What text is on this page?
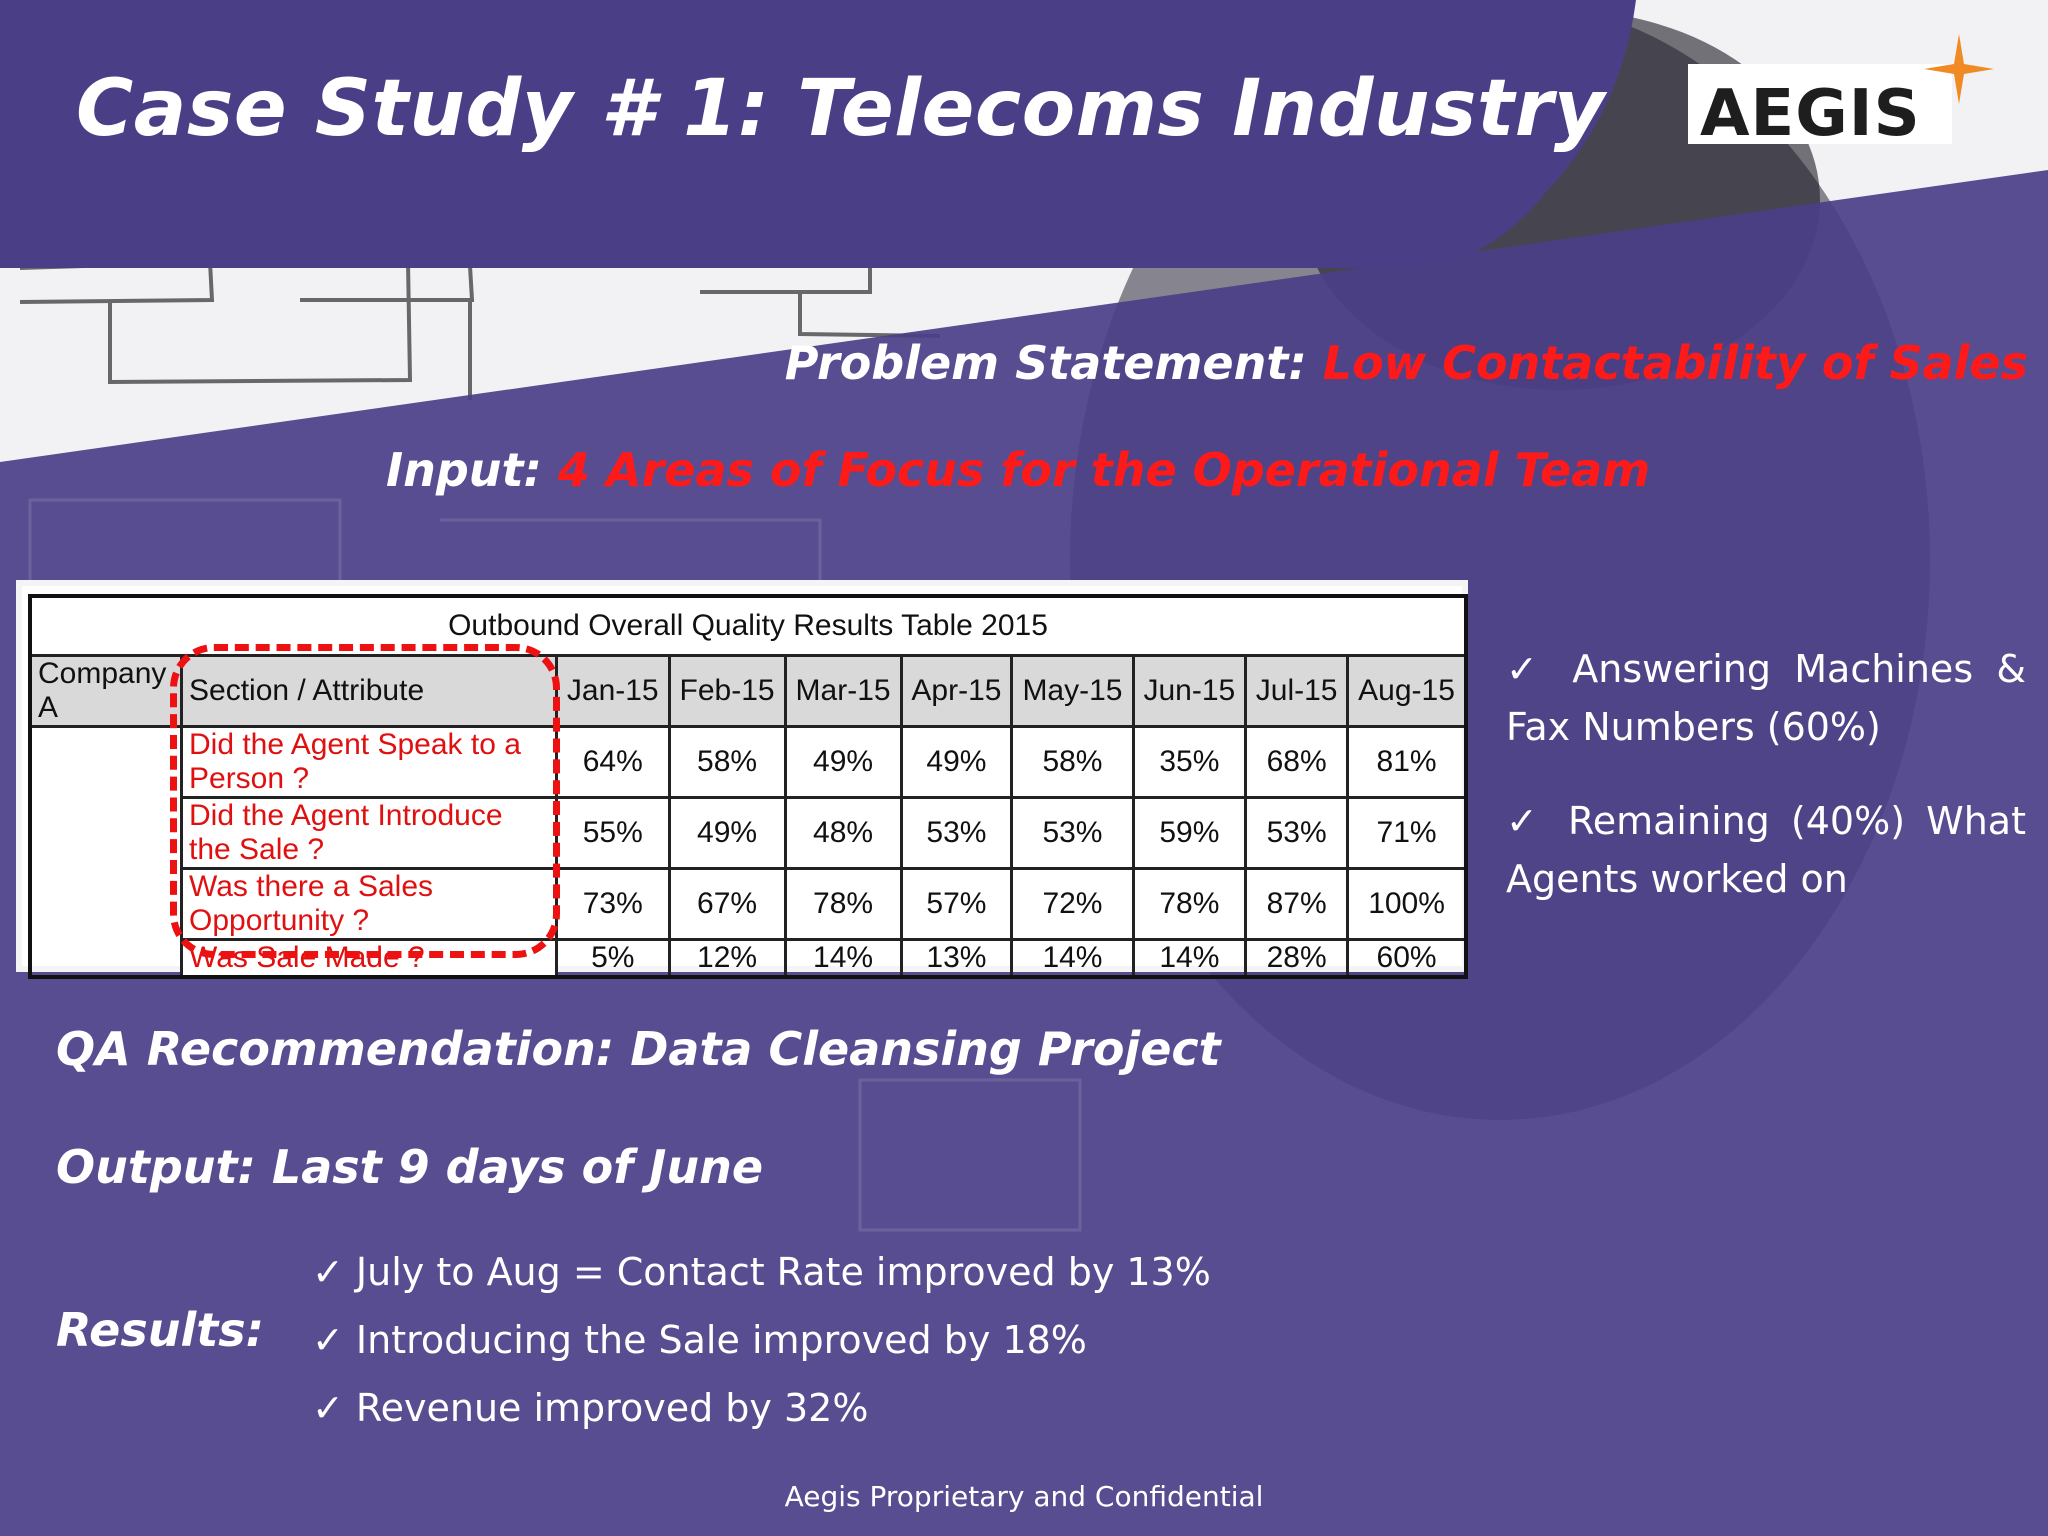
Case Study # 1: Telecoms Industry AEGIS
Problem Statement: Low Contactability of Sales
Input: 4 Areas of Focus for the Operational Team
Outbound Overall Quality Results Table 2015									
Company A	Section / Attribute	Jan-15	Feb-15	Mar-15	Apr-15	May-15	Jun-15	Jul-15	Aug-15
	Did the Agent Speak to a Person ?	64%	58%	49%	49%	58%	35%	68%	81%
	Did the Agent Introduce the Sale ?	55%	49%	48%	53%	53%	59%	53%	71%
	Was there a Sales Opportunity ?	73%	67%	78%	57%	72%	78%	87%	100%
	Was Sale Made ?	5%	12%	14%	13%	14%	14%	28%	60%

✓ Answering Machines & Fax Numbers (60%)

✓ Remaining (40%) What Agents worked on

QA Recommendation: Data Cleansing Project
Output: Last 9 days of June
Results:
✓ July to Aug = Contact Rate improved by 13%
✓ Introducing the Sale improved by 18%
✓ Revenue improved by 32%
Aegis Proprietary and Confidential
